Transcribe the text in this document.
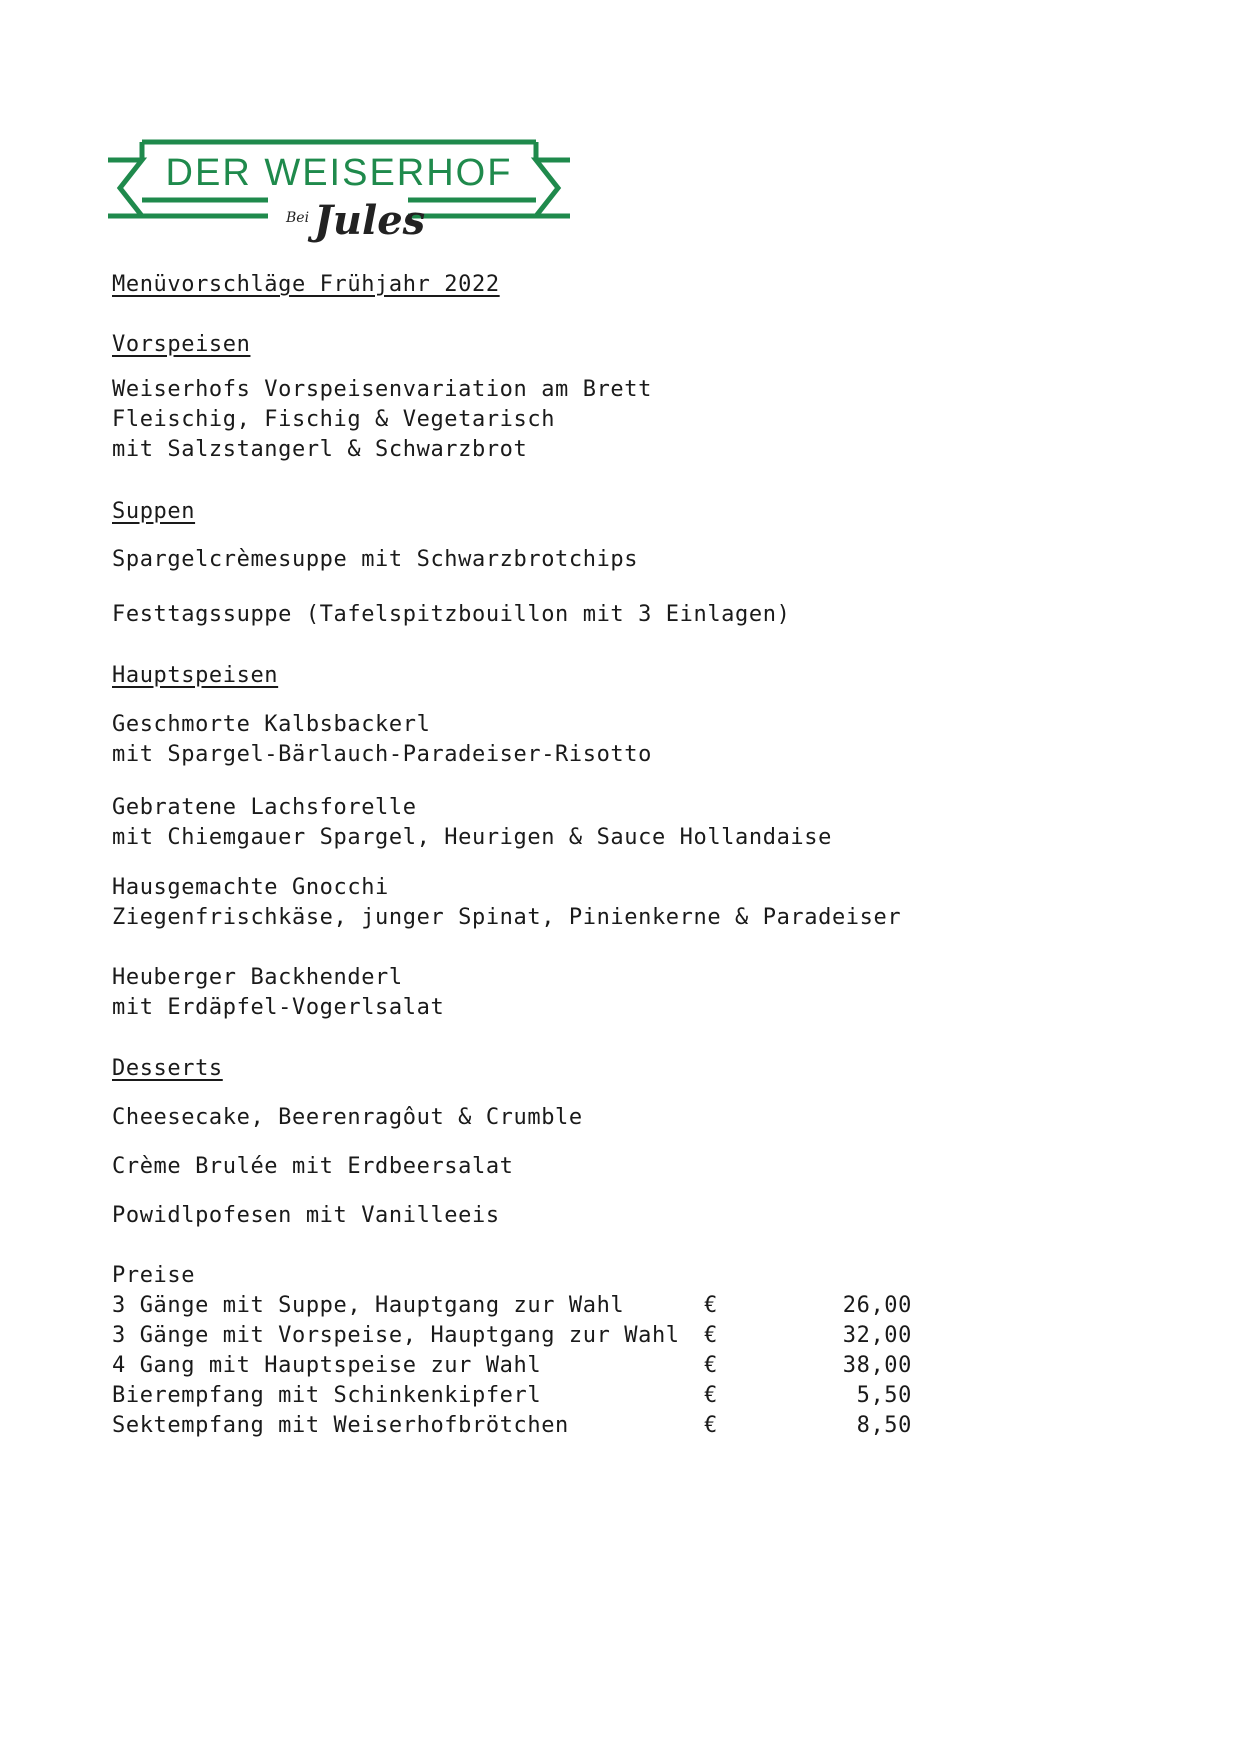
DER WEISERHOF
Bei Jules
Menüvorschläge Frühjahr 2022
Vorspeisen
Weiserhofs Vorspeisenvariation am Brett
Fleischig, Fischig & Vegetarisch
mit Salzstangerl & Schwarzbrot
Suppen
Spargelcrèmesuppe mit Schwarzbrotchips
Festtagssuppe (Tafelspitzbouillon mit 3 Einlagen)
Hauptspeisen
Geschmorte Kalbsbackerl
mit Spargel-Bärlauch-Paradeiser-Risotto
Gebratene Lachsforelle
mit Chiemgauer Spargel, Heurigen & Sauce Hollandaise
Hausgemachte Gnocchi
Ziegenfrischkäse, junger Spinat, Pinienkerne & Paradeiser
Heuberger Backhenderl
mit Erdäpfel-Vogerlsalat
Desserts
Cheesecake, Beerenragôut & Crumble
Crème Brulée mit Erdbeersalat
Powidlpofesen mit Vanilleeis
Preise
3 Gänge mit Suppe, Hauptgang zur Wahl	€	26,00
3 Gänge mit Vorspeise, Hauptgang zur Wahl €	32,00
4 Gang mit Hauptspeise zur Wahl	€	38,00
Bierempfang mit Schinkenkipferl	€	5,50
Sektempfang mit Weiserhofbrötchen	€	8,50
